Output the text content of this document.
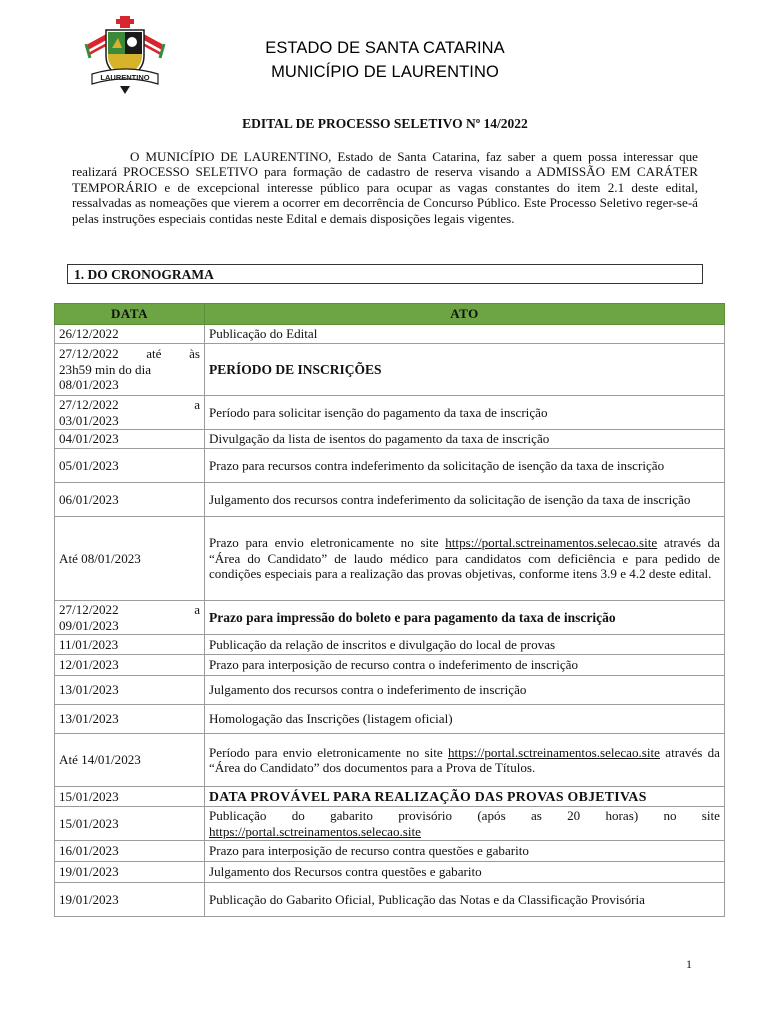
LAURENTINO
ESTADO DE SANTA CATARINA
MUNICÍPIO DE LAURENTINO
EDITAL DE PROCESSO SELETIVO Nº 14/2022
O MUNICÍPIO DE LAURENTINO, Estado de Santa Catarina, faz saber a quem possa interessar que realizará PROCESSO SELETIVO para formação de cadastro de reserva visando a ADMISSÃO EM CARÁTER TEMPORÁRIO e de excepcional interesse público para ocupar as vagas constantes do item 2.1 deste edital, ressalvadas as nomeações que vierem a ocorrer em decorrência de Concurso Público. Este Processo Seletivo reger-se-á pelas instruções especiais contidas neste Edital e demais disposições legais vigentes.
1. DO CRONOGRAMA
DATA	ATO
26/12/2022	Publicação do Edital

27/12/2022 até às
23h59 min do dia
08/01/2023	PERÍODO DE INSCRIÇÕES

27/12/2022 a
03/01/2023	Período para solicitar isenção do pagamento da taxa de inscrição
04/01/2023	Divulgação da lista de isentos do pagamento da taxa de inscrição
05/01/2023	Prazo para recursos contra indeferimento da solicitação de isenção da taxa de inscrição
06/01/2023	Julgamento dos recursos contra indeferimento da solicitação de isenção da taxa de inscrição
Até 08/01/2023	Prazo para envio eletronicamente no site https://portal.sctreinamentos.selecao.site através da “Área do Candidato” de laudo médico para candidatos com deficiência e para pedido de condições especiais para a realização das provas objetivas, conforme itens 3.9 e 4.2 deste edital.

27/12/2022 a
09/01/2023	Prazo para impressão do boleto e para pagamento da taxa de inscrição
11/01/2023	Publicação da relação de inscritos e divulgação do local de provas
12/01/2023	Prazo para interposição de recurso contra o indeferimento de inscrição
13/01/2023	Julgamento dos recursos contra o indeferimento de inscrição
13/01/2023	Homologação das Inscrições (listagem oficial)
Até 14/01/2023	Período para envio eletronicamente no site https://portal.sctreinamentos.selecao.site através da “Área do Candidato” dos documentos para a Prova de Títulos.
15/01/2023	DATA PROVÁVEL PARA REALIZAÇÃO DAS PROVAS OBJETIVAS
15/01/2023	Publicação do gabarito provisório (após as 20 horas) no site https://portal.sctreinamentos.selecao.site
16/01/2023	Prazo para interposição de recurso contra questões e gabarito
19/01/2023	Julgamento dos Recursos contra questões e gabarito
19/01/2023	Publicação do Gabarito Oficial, Publicação das Notas e da Classificação Provisória
1
